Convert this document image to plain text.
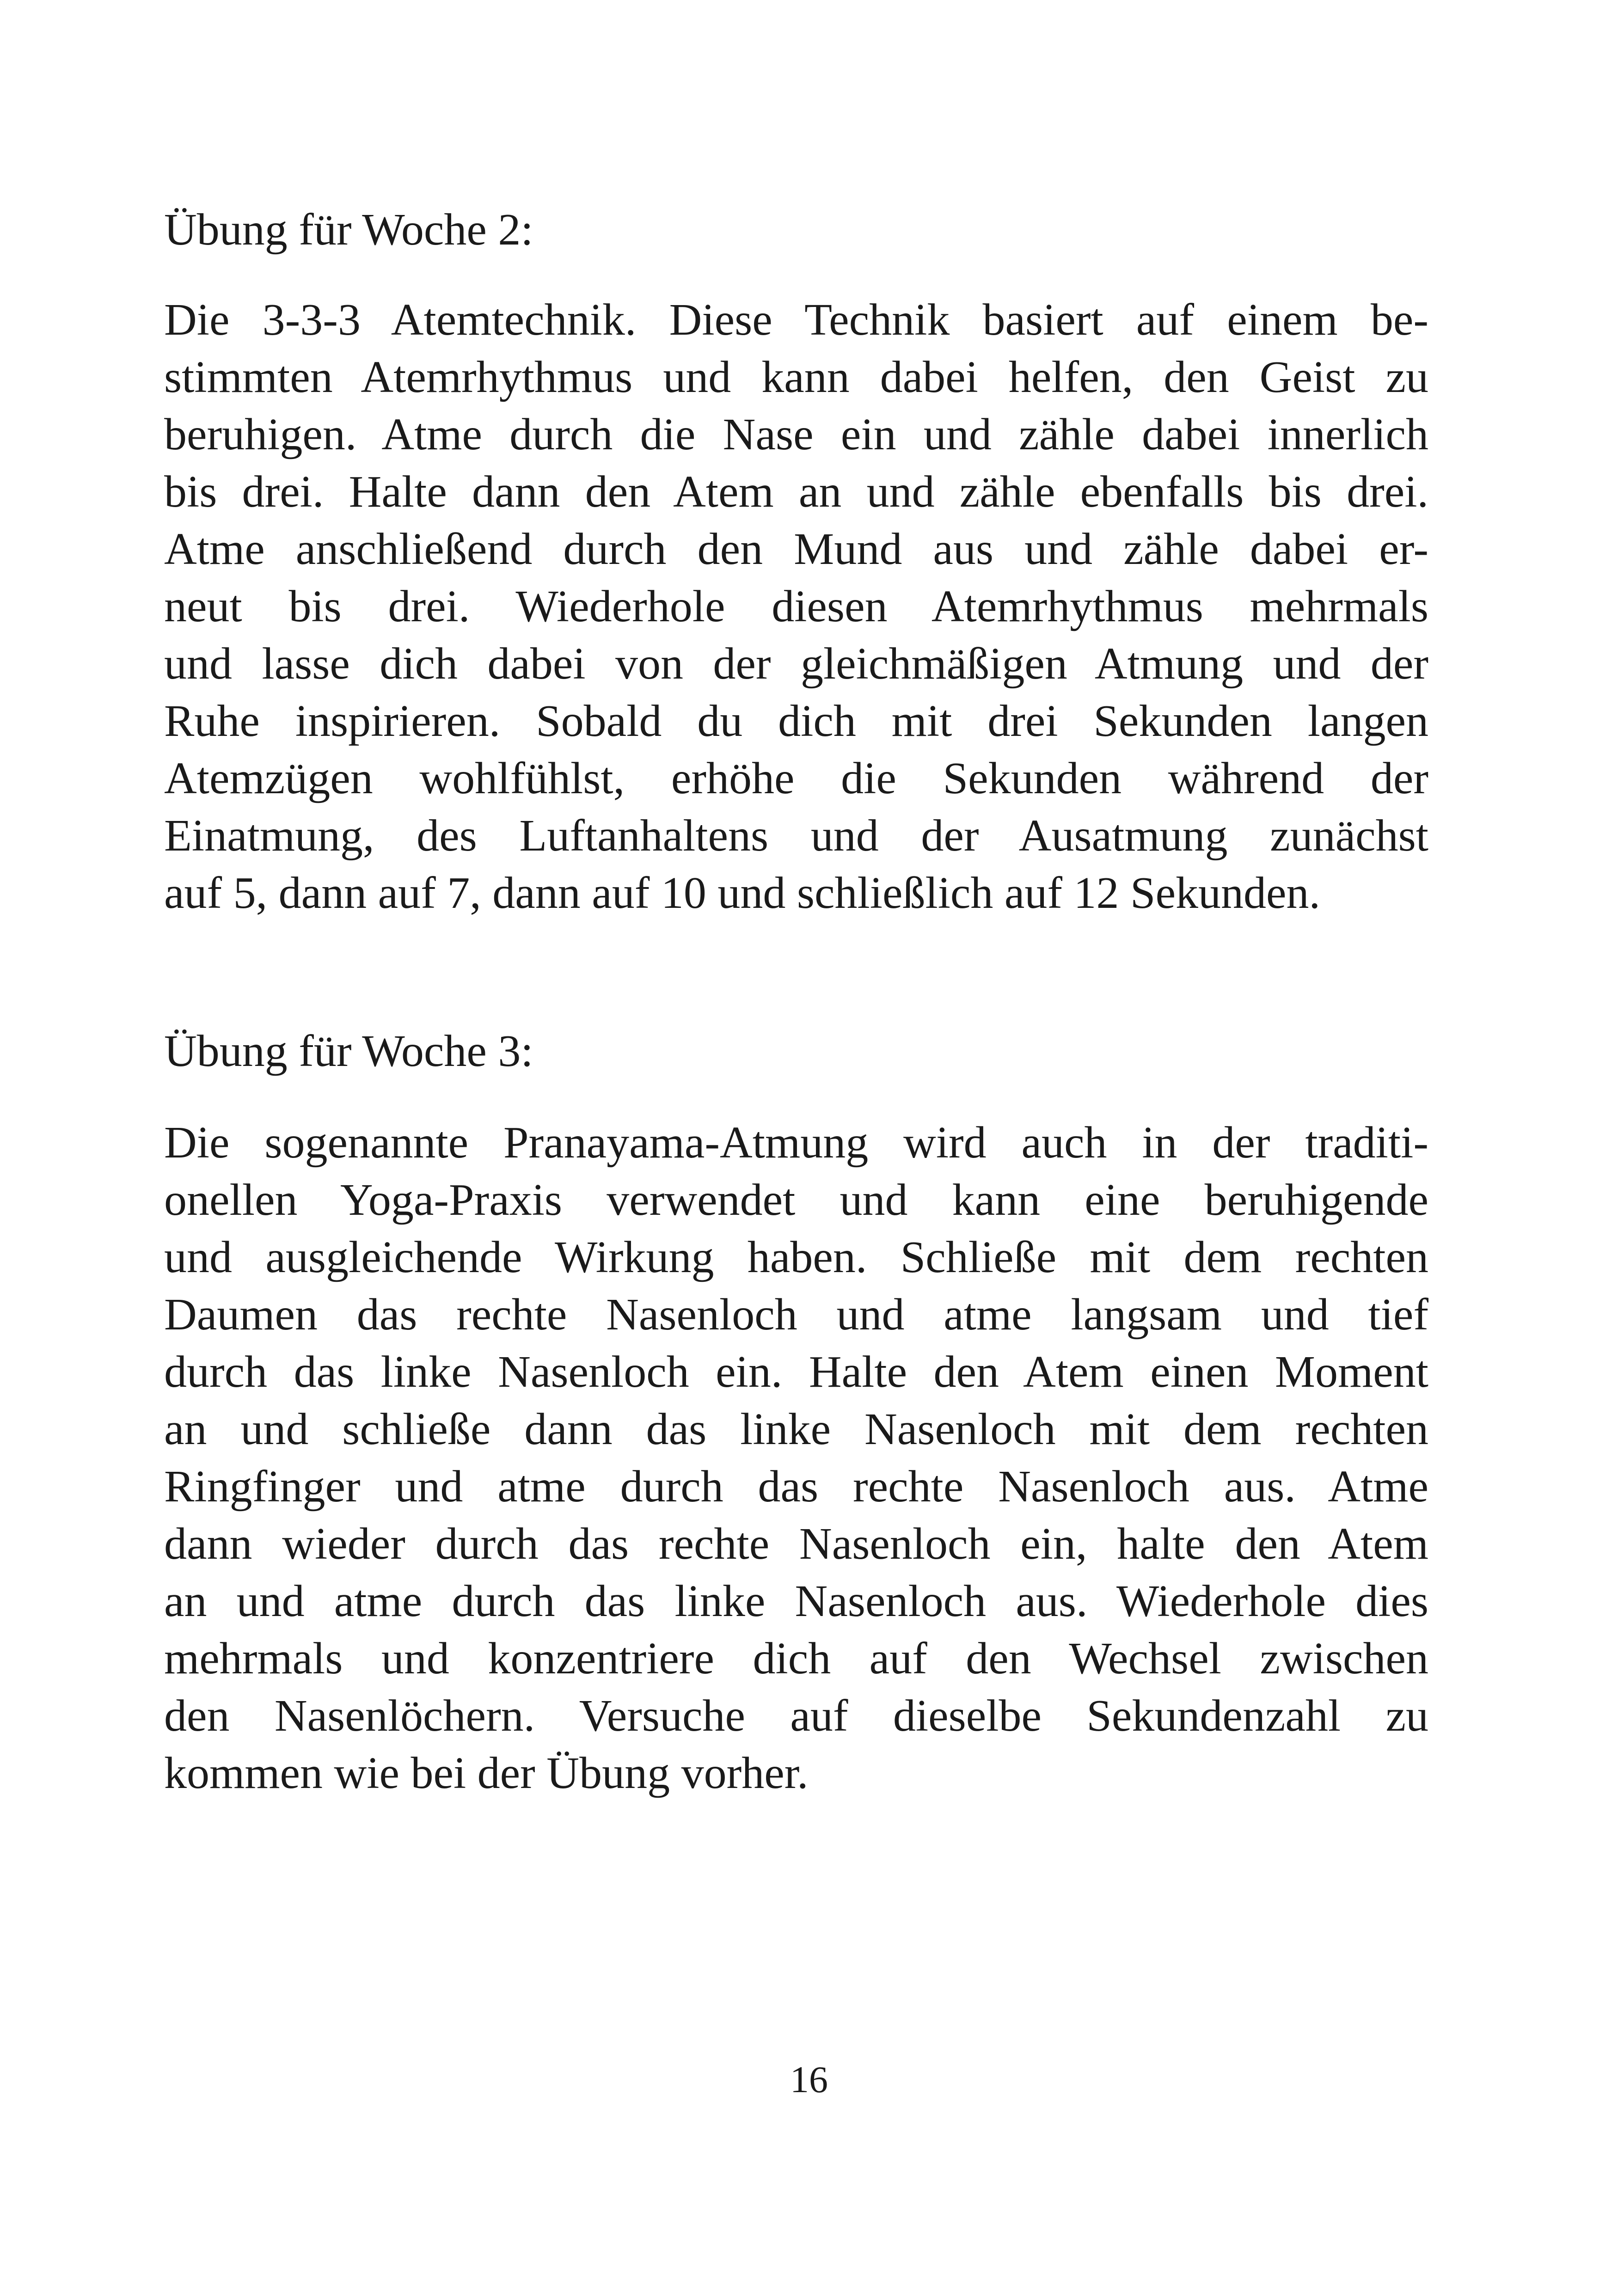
Übung für Woche 2:
Die 3-3-3 Atemtechnik. Diese Technik basiert auf einem be-
stimmten Atemrhythmus und kann dabei helfen, den Geist zu
beruhigen. Atme durch die Nase ein und zähle dabei innerlich
bis drei. Halte dann den Atem an und zähle ebenfalls bis drei.
Atme anschließend durch den Mund aus und zähle dabei er-
neut bis drei. Wiederhole diesen Atemrhythmus mehrmals
und lasse dich dabei von der gleichmäßigen Atmung und der
Ruhe inspirieren. Sobald du dich mit drei Sekunden langen
Atemzügen wohlfühlst, erhöhe die Sekunden während der
Einatmung, des Luftanhaltens und der Ausatmung zunächst
auf 5, dann auf 7, dann auf 10 und schließlich auf 12 Sekunden.
Übung für Woche 3:
Die sogenannte Pranayama-Atmung wird auch in der traditi-
onellen Yoga-Praxis verwendet und kann eine beruhigende
und ausgleichende Wirkung haben. Schließe mit dem rechten
Daumen das rechte Nasenloch und atme langsam und tief
durch das linke Nasenloch ein. Halte den Atem einen Moment
an und schließe dann das linke Nasenloch mit dem rechten
Ringfinger und atme durch das rechte Nasenloch aus. Atme
dann wieder durch das rechte Nasenloch ein, halte den Atem
an und atme durch das linke Nasenloch aus. Wiederhole dies
mehrmals und konzentriere dich auf den Wechsel zwischen
den Nasenlöchern. Versuche auf dieselbe Sekundenzahl zu
kommen wie bei der Übung vorher.
16
